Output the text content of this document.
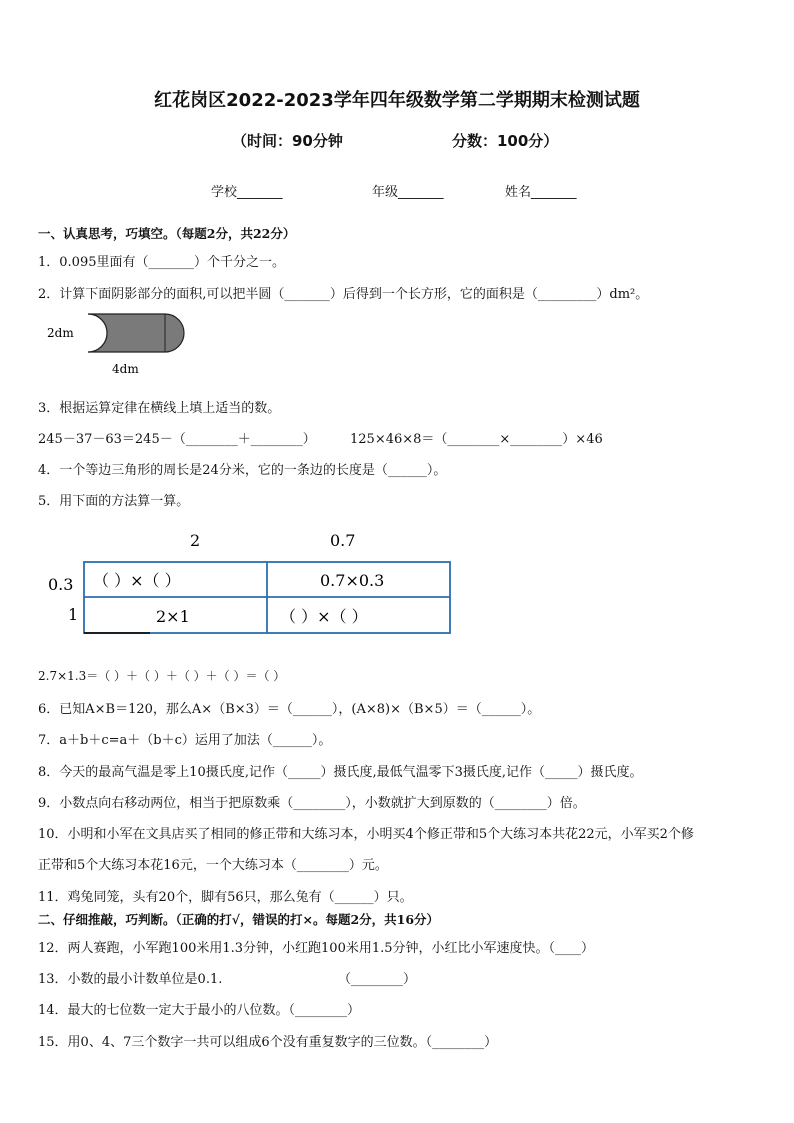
红花岗区2022-2023学年四年级数学第二学期期末检测试题
（时间：90分钟	分数：100分）
学校_______	年级_______	姓名_______
一、认真思考，巧填空。（每题2分，共22分）
1．0.095里面有（_______）个千分之一。
2．计算下面阴影部分的面积,可以把半圆（_______）后得到一个长方形，它的面积是（_________）dm²。
2dm
4dm
3．根据运算定律在横线上填上适当的数。
245－37－63＝245－（________＋________）	125×46×8＝（________×________）×46
4．一个等边三角形的周长是24分米，它的一条边的长度是（______）。
5．用下面的方法算一算。
2	0.7
0.3
1
（ ）×（ ）	0.7×0.3
2×1	（ ）×（ ）
2.7×1.3＝（ ）＋（ ）＋（ ）＋（ ）＝（ ）
6．已知A×B＝120，那么A×（B×3）＝（______），(A×8)×（B×5）＝（______）。
7．a＋b＋c=a＋（b＋c）运用了加法（______）。
8．今天的最高气温是零上10摄氏度,记作（_____）摄氏度,最低气温零下3摄氏度,记作（_____）摄氏度。
9．小数点向右移动两位，相当于把原数乘（________），小数就扩大到原数的（________）倍。
10．小明和小军在文具店买了相同的修正带和大练习本，小明买4个修正带和5个大练习本共花22元，小军买2个修
正带和5个大练习本花16元，一个大练习本（________）元。
11．鸡兔同笼，头有20个，脚有56只，那么兔有（______）只。
二、仔细推敲，巧判断。（正确的打√，错误的打×。每题2分，共16分）
12．两人赛跑，小军跑100米用1.3分钟，小红跑100米用1.5分钟，小红比小军速度快。（____）
13．小数的最小计数单位是0.1.	（________）
14．最大的七位数一定大于最小的八位数。（________）
15．用0、4、7三个数字一共可以组成6个没有重复数字的三位数。（________）
